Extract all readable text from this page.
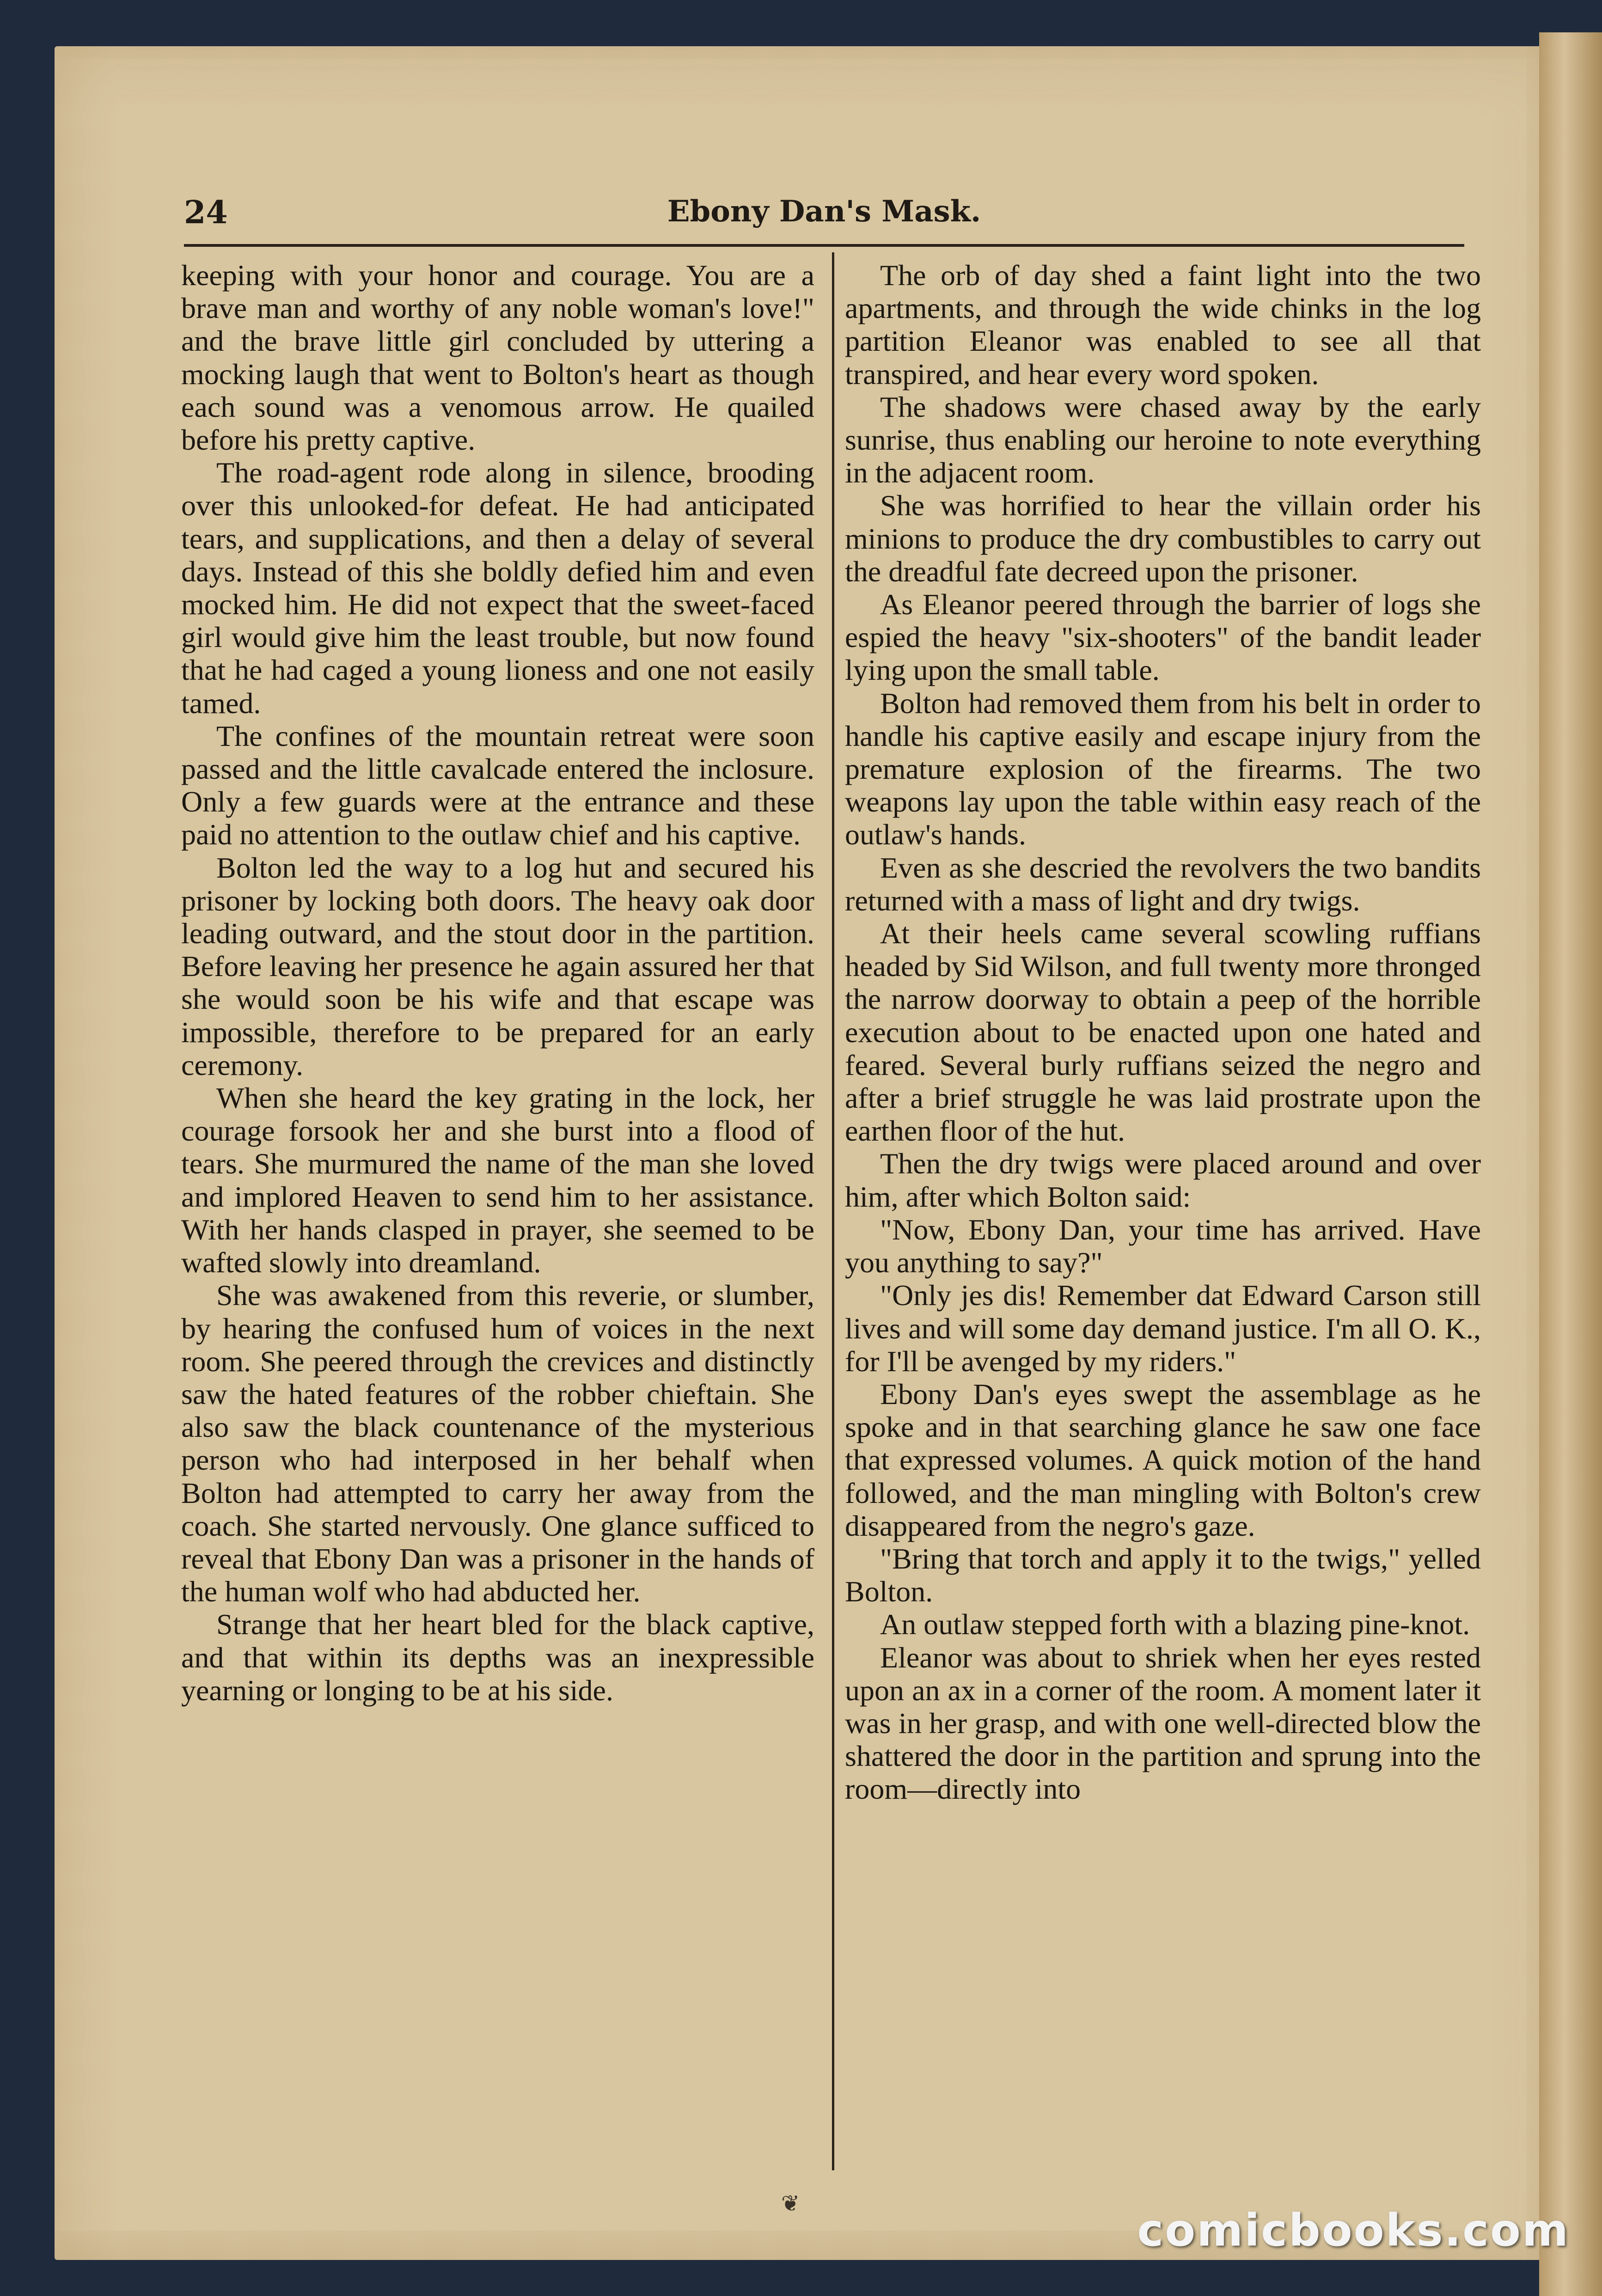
24	Ebony Dan's Mask.

keeping with your honor and courage. You are a brave man and worthy of any noble woman's love!" and the brave little girl concluded by uttering a mocking laugh that went to Bolton's heart as though each sound was a venomous arrow. He quailed before his pretty captive.

The road-agent rode along in silence, brooding over this unlooked-for defeat. He had anticipated tears, and supplications, and then a delay of several days. Instead of this she boldly defied him and even mocked him. He did not expect that the sweet-faced girl would give him the least trouble, but now found that he had caged a young lioness and one not easily tamed.

The confines of the mountain retreat were soon passed and the little cavalcade entered the inclosure. Only a few guards were at the entrance and these paid no attention to the outlaw chief and his captive.

Bolton led the way to a log hut and secured his prisoner by locking both doors. The heavy oak door leading outward, and the stout door in the partition. Before leaving her presence he again assured her that she would soon be his wife and that escape was impossible, therefore to be prepared for an early ceremony.

When she heard the key grating in the lock, her courage forsook her and she burst into a flood of tears. She murmured the name of the man she loved and implored Heaven to send him to her assistance. With her hands clasped in prayer, she seemed to be wafted slowly into dreamland.

She was awakened from this reverie, or slumber, by hearing the confused hum of voices in the next room. She peered through the crevices and distinctly saw the hated features of the robber chieftain. She also saw the black countenance of the mysterious person who had interposed in her behalf when Bolton had attempted to carry her away from the coach. She started nervously. One glance sufficed to reveal that Ebony Dan was a prisoner in the hands of the human wolf who had abducted her.

Strange that her heart bled for the black captive, and that within its depths was an inexpressible yearning or longing to be at his side.

The orb of day shed a faint light into the two apartments, and through the wide chinks in the log partition Eleanor was enabled to see all that transpired, and hear every word spoken.

The shadows were chased away by the early sunrise, thus enabling our heroine to note everything in the adjacent room.

She was horrified to hear the villain order his minions to produce the dry combustibles to carry out the dreadful fate decreed upon the prisoner.

As Eleanor peered through the barrier of logs she espied the heavy "six-shooters" of the bandit leader lying upon the small table.

Bolton had removed them from his belt in order to handle his captive easily and escape injury from the premature explosion of the firearms. The two weapons lay upon the table within easy reach of the outlaw's hands.

Even as she descried the revolvers the two bandits returned with a mass of light and dry twigs.

At their heels came several scowling ruffians headed by Sid Wilson, and full twenty more thronged the narrow doorway to obtain a peep of the horrible execution about to be enacted upon one hated and feared. Several burly ruffians seized the negro and after a brief struggle he was laid prostrate upon the earthen floor of the hut.

Then the dry twigs were placed around and over him, after which Bolton said:

"Now, Ebony Dan, your time has arrived. Have you anything to say?"

"Only jes dis! Remember dat Edward Carson still lives and will some day demand justice. I'm all O. K., for I'll be avenged by my riders."

Ebony Dan's eyes swept the assemblage as he spoke and in that searching glance he saw one face that expressed volumes. A quick motion of the hand followed, and the man mingling with Bolton's crew disappeared from the negro's gaze.

"Bring that torch and apply it to the twigs," yelled Bolton.

An outlaw stepped forth with a blazing pine-knot.

Eleanor was about to shriek when her eyes rested upon an ax in a corner of the room. A moment later it was in her grasp, and with one well-directed blow the shattered the door in the partition and sprung into the room—directly into

❦
comicbooks.com
